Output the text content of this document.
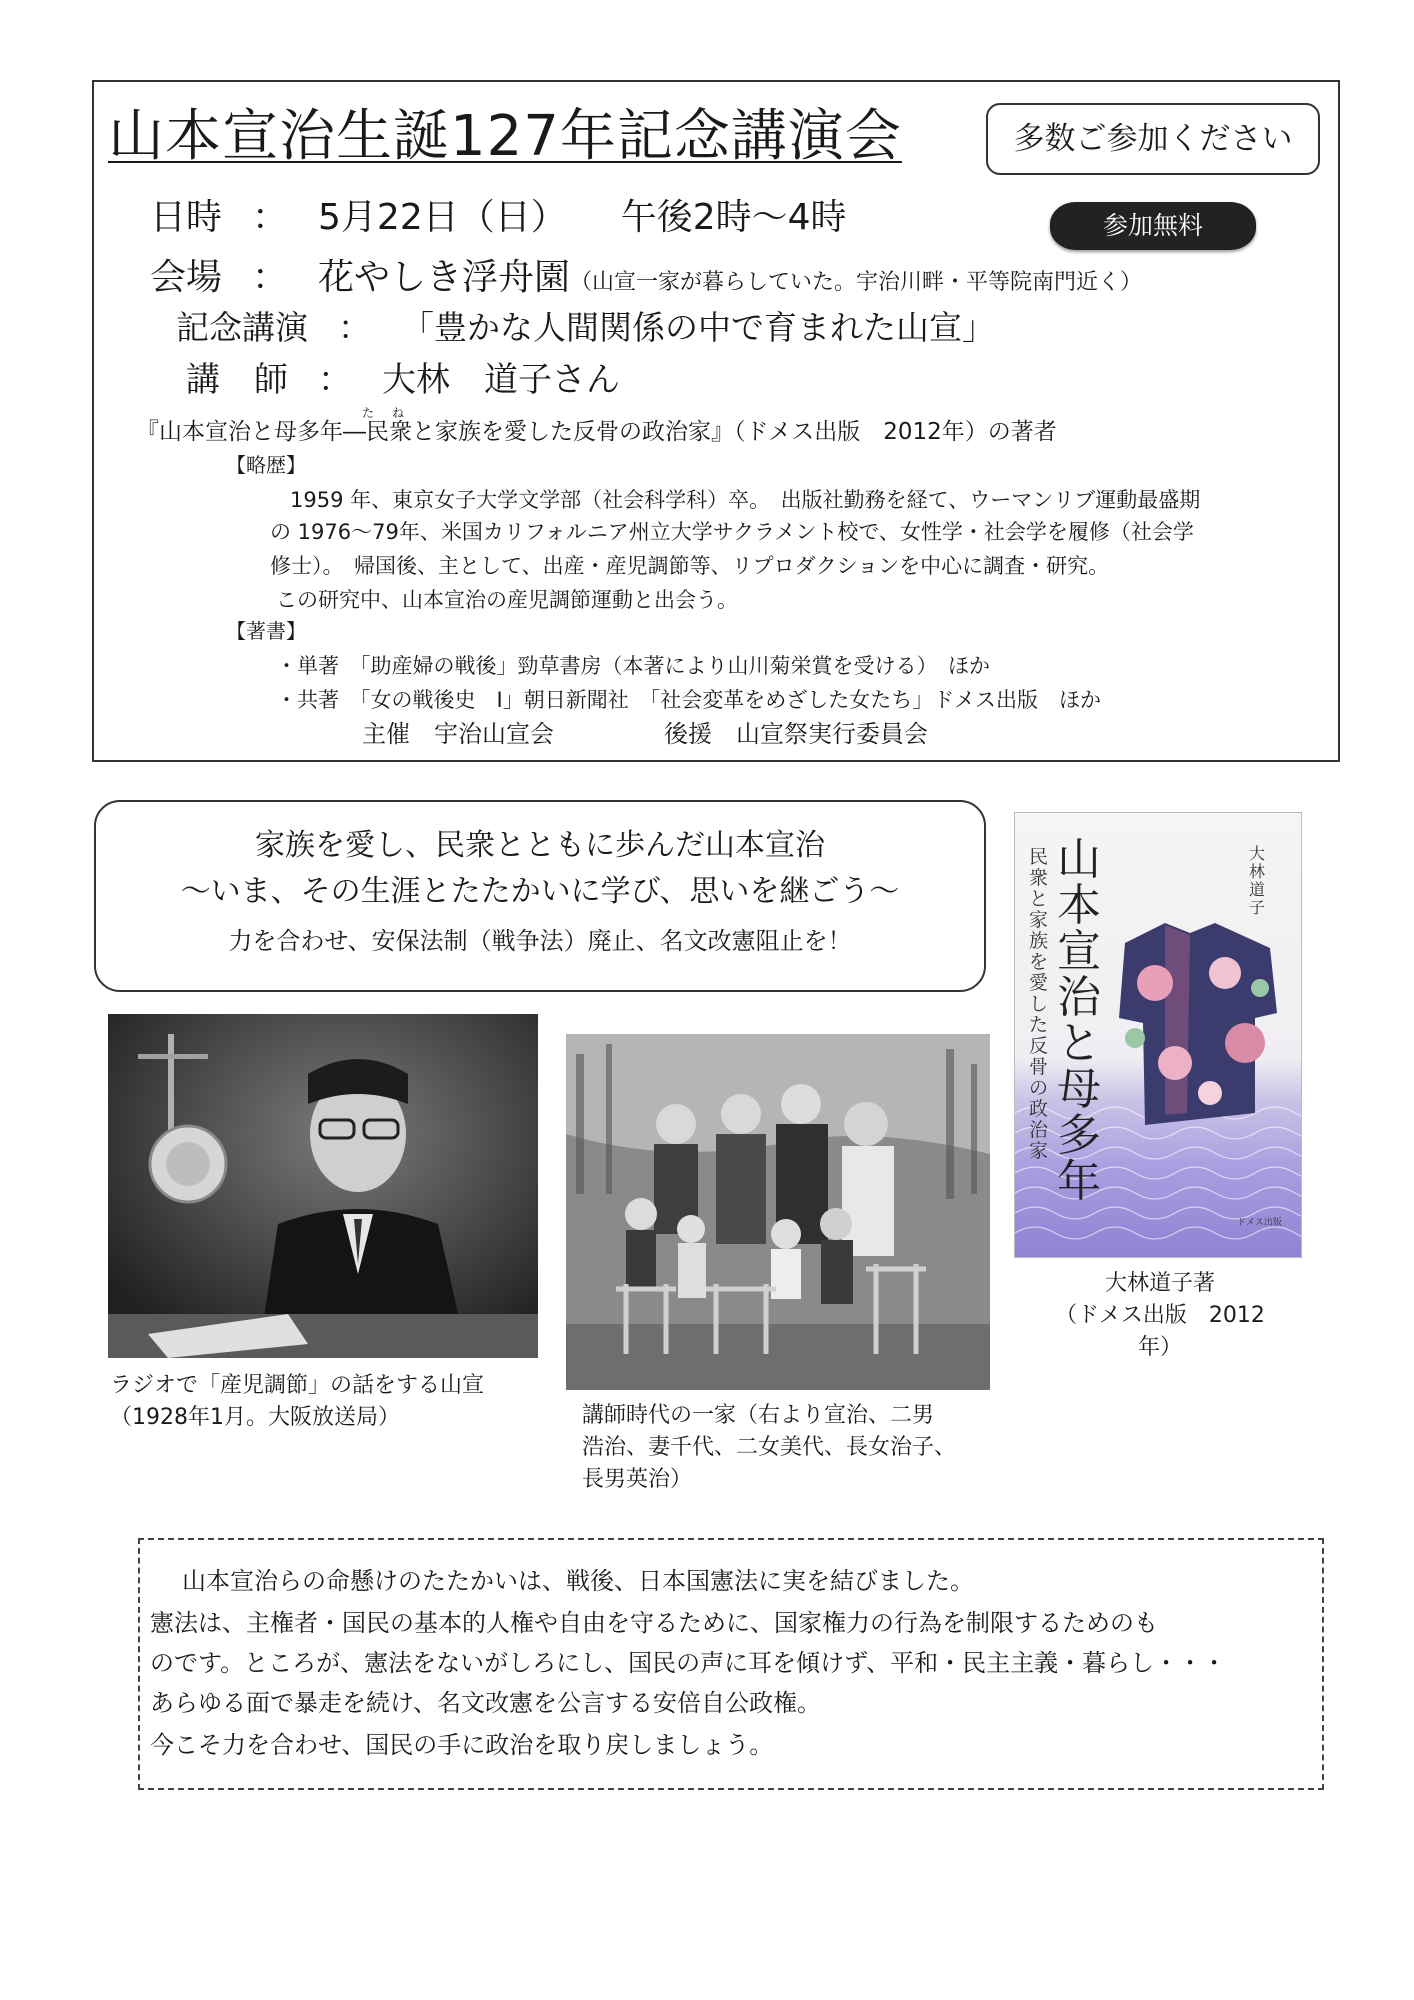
山本宣治生誕127年記念講演会	多数ご参加ください
参加無料
日時 ： 5月22日（日）　　午後2時～4時
会場 ： 花やしき浮舟園（山宣一家が暮らしていた。宇治川畔・平等院南門近く）
記念講演 ： 「豊かな人間関係の中で育まれた山宣」
講　師 ： 大林　道子さん
た ね
『山本宣治と母多年―民衆と家族を愛した反骨の政治家』（ドメス出版　2012年）の著者
【略歴】
1959 年、東京女子大学文学部（社会科学科）卒。　出版社勤務を経て、ウーマンリブ運動最盛期
の 1976～79年、米国カリフォルニア州立大学サクラメント校で、女性学・社会学を履修（社会学
修士）。　帰国後、主として、出産・産児調節等、リプロダクションを中心に調査・研究。
この研究中、山本宣治の産児調節運動と出会う。
【著書】
・単著　「助産婦の戦後」勁草書房（本著により山川菊栄賞を受ける）　ほか
・共著　「女の戦後史　Ⅰ」朝日新聞社　「社会変革をめざした女たち」ドメス出版　ほか
主催　宇治山宣会	後援　山宣祭実行委員会
家族を愛し、民衆とともに歩んだ山本宣治
～いま、その生涯とたたかいに学び、思いを継ごう～
力を合わせ、安保法制（戦争法）廃止、名文改憲阻止を！
大林道子
山本宣治と母多年
民衆と家族を愛した反骨の政治家
ドメス出版
大林道子著
（ドメス出版　2012年）
ラジオで「産児調節」の話をする山宣
（1928年1月。大阪放送局）	講師時代の一家（右より宣治、二男
浩治、妻千代、二女美代、長女治子、
長男英治）
山本宣治らの命懸けのたたかいは、戦後、日本国憲法に実を結びました。
憲法は、主権者・国民の基本的人権や自由を守るために、国家権力の行為を制限するためのも
のです。ところが、憲法をないがしろにし、国民の声に耳を傾けず、平和・民主主義・暮らし・・・
あらゆる面で暴走を続け、名文改憲を公言する安倍自公政権。
今こそ力を合わせ、国民の手に政治を取り戻しましょう。
